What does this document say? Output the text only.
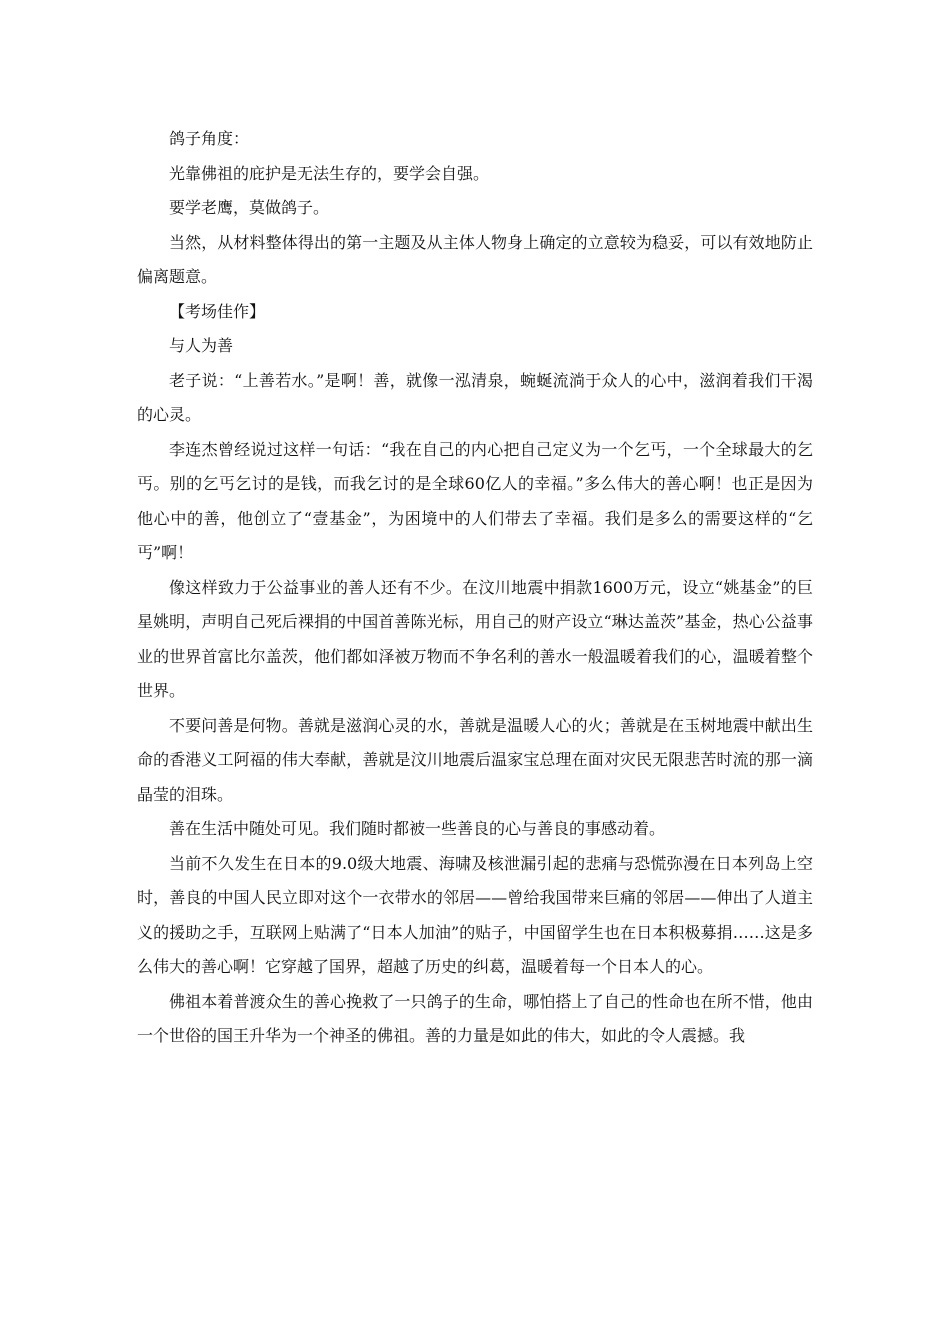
鸽子角度：

光靠佛祖的庇护是无法生存的，要学会自强。

要学老鹰，莫做鸽子。

当然，从材料整体得出的第一主题及从主体人物身上确定的立意较为稳妥，可以有效地防止偏离题意。

【考场佳作】

与人为善

老子说：“上善若水。”是啊！善，就像一泓清泉，蜿蜒流淌于众人的心中，滋润着我们干渴的心灵。

李连杰曾经说过这样一句话：“我在自己的内心把自己定义为一个乞丐，一个全球最大的乞丐。别的乞丐乞讨的是钱，而我乞讨的是全球60亿人的幸福。”多么伟大的善心啊！也正是因为他心中的善，他创立了“壹基金”，为困境中的人们带去了幸福。我们是多么的需要这样的“乞丐”啊！

像这样致力于公益事业的善人还有不少。在汶川地震中捐款1600万元，设立“姚基金”的巨星姚明，声明自己死后裸捐的中国首善陈光标，用自己的财产设立“琳达盖茨”基金，热心公益事业的世界首富比尔盖茨，他们都如泽被万物而不争名利的善水一般温暖着我们的心，温暖着整个世界。

不要问善是何物。善就是滋润心灵的水，善就是温暖人心的火；善就是在玉树地震中献出生命的香港义工阿福的伟大奉献，善就是汶川地震后温家宝总理在面对灾民无限悲苦时流的那一滴晶莹的泪珠。

善在生活中随处可见。我们随时都被一些善良的心与善良的事感动着。

当前不久发生在日本的9.0级大地震、海啸及核泄漏引起的悲痛与恐慌弥漫在日本列岛上空时，善良的中国人民立即对这个一衣带水的邻居——曾给我国带来巨痛的邻居——伸出了人道主义的援助之手，互联网上贴满了“日本人加油”的贴子，中国留学生也在日本积极募捐……这是多么伟大的善心啊！它穿越了国界，超越了历史的纠葛，温暖着每一个日本人的心。

佛祖本着普渡众生的善心挽救了一只鸽子的生命，哪怕搭上了自己的性命也在所不惜，他由一个世俗的国王升华为一个神圣的佛祖。善的力量是如此的伟大，如此的令人震撼。我
